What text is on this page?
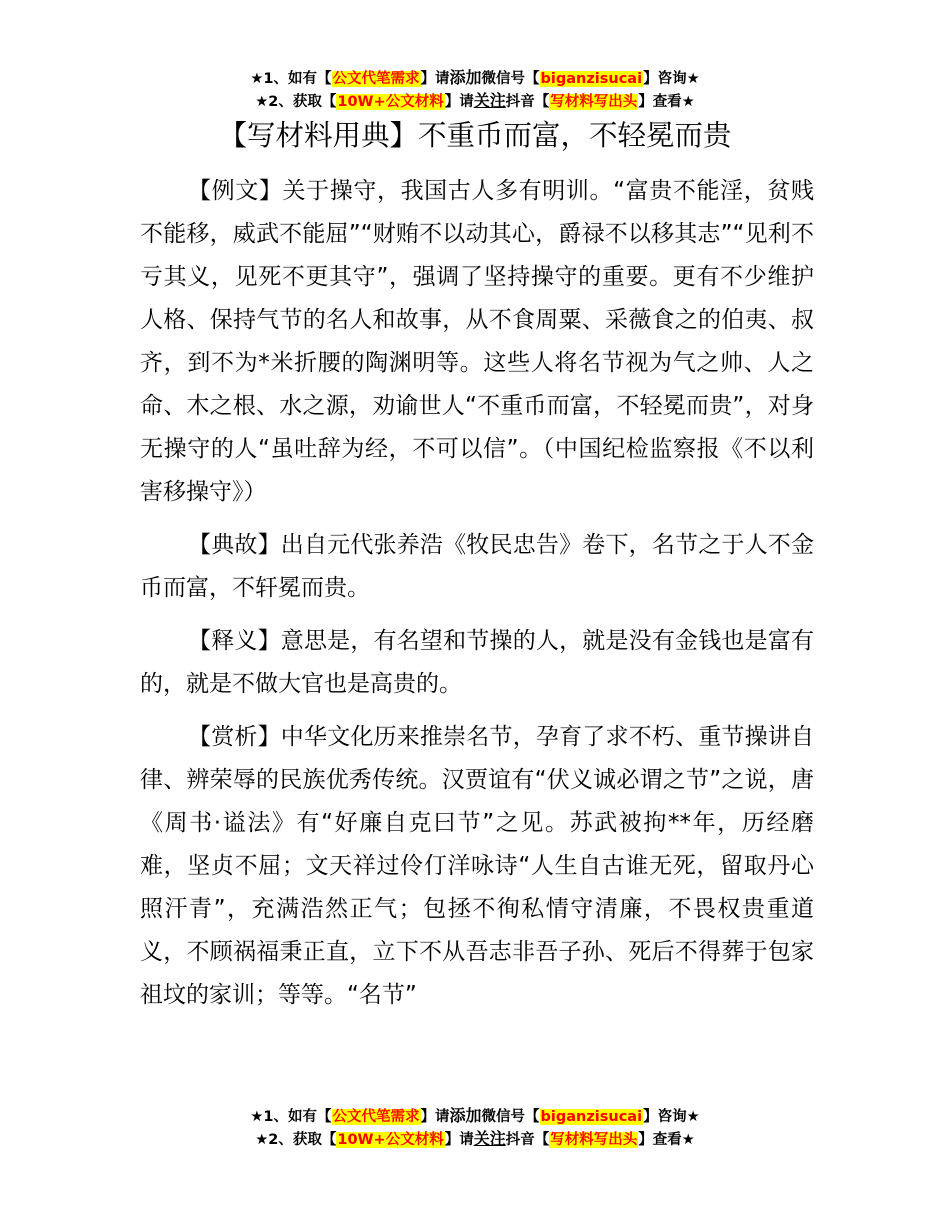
★1、如有【公文代笔需求】请添加微信号【biganzisucai】咨询★
★2、获取【10W+公文材料】请关注抖音【写材料写出头】查看★
【写材料用典】不重币而富，不轻冕而贵

【例文】关于操守，我国古人多有明训。“富贵不能淫，贫贱不能移，威武不能屈”“财贿不以动其心，爵禄不以移其志”“见利不亏其义，见死不更其守”，强调了坚持操守的重要。更有不少维护人格、保持气节的名人和故事，从不食周粟、采薇食之的伯夷、叔齐，到不为*米折腰的陶渊明等。这些人将名节视为气之帅、人之命、木之根、水之源，劝谕世人“不重币而富，不轻冕而贵”，对身无操守的人“虽吐辞为经，不可以信”。（中国纪检监察报《不以利害移操守》）

【典故】出自元代张养浩《牧民忠告》卷下，名节之于人不金币而富，不轩冕而贵。

【释义】意思是，有名望和节操的人，就是没有金钱也是富有的，就是不做大官也是高贵的。

【赏析】中华文化历来推崇名节，孕育了求不朽、重节操讲自律、辨荣辱的民族优秀传统。汉贾谊有“伏义诚必谓之节”之说，唐《周书·谥法》有“好廉自克曰节”之见。苏武被拘**年，历经磨难，坚贞不屈；文天祥过伶仃洋咏诗“人生自古谁无死，留取丹心照汗青”，充满浩然正气；包拯不徇私情守清廉，不畏权贵重道义，不顾祸福秉正直，立下不从吾志非吾子孙、死后不得葬于包家祖坟的家训；等等。“名节”

★1、如有【公文代笔需求】请添加微信号【biganzisucai】咨询★
★2、获取【10W+公文材料】请关注抖音【写材料写出头】查看★
